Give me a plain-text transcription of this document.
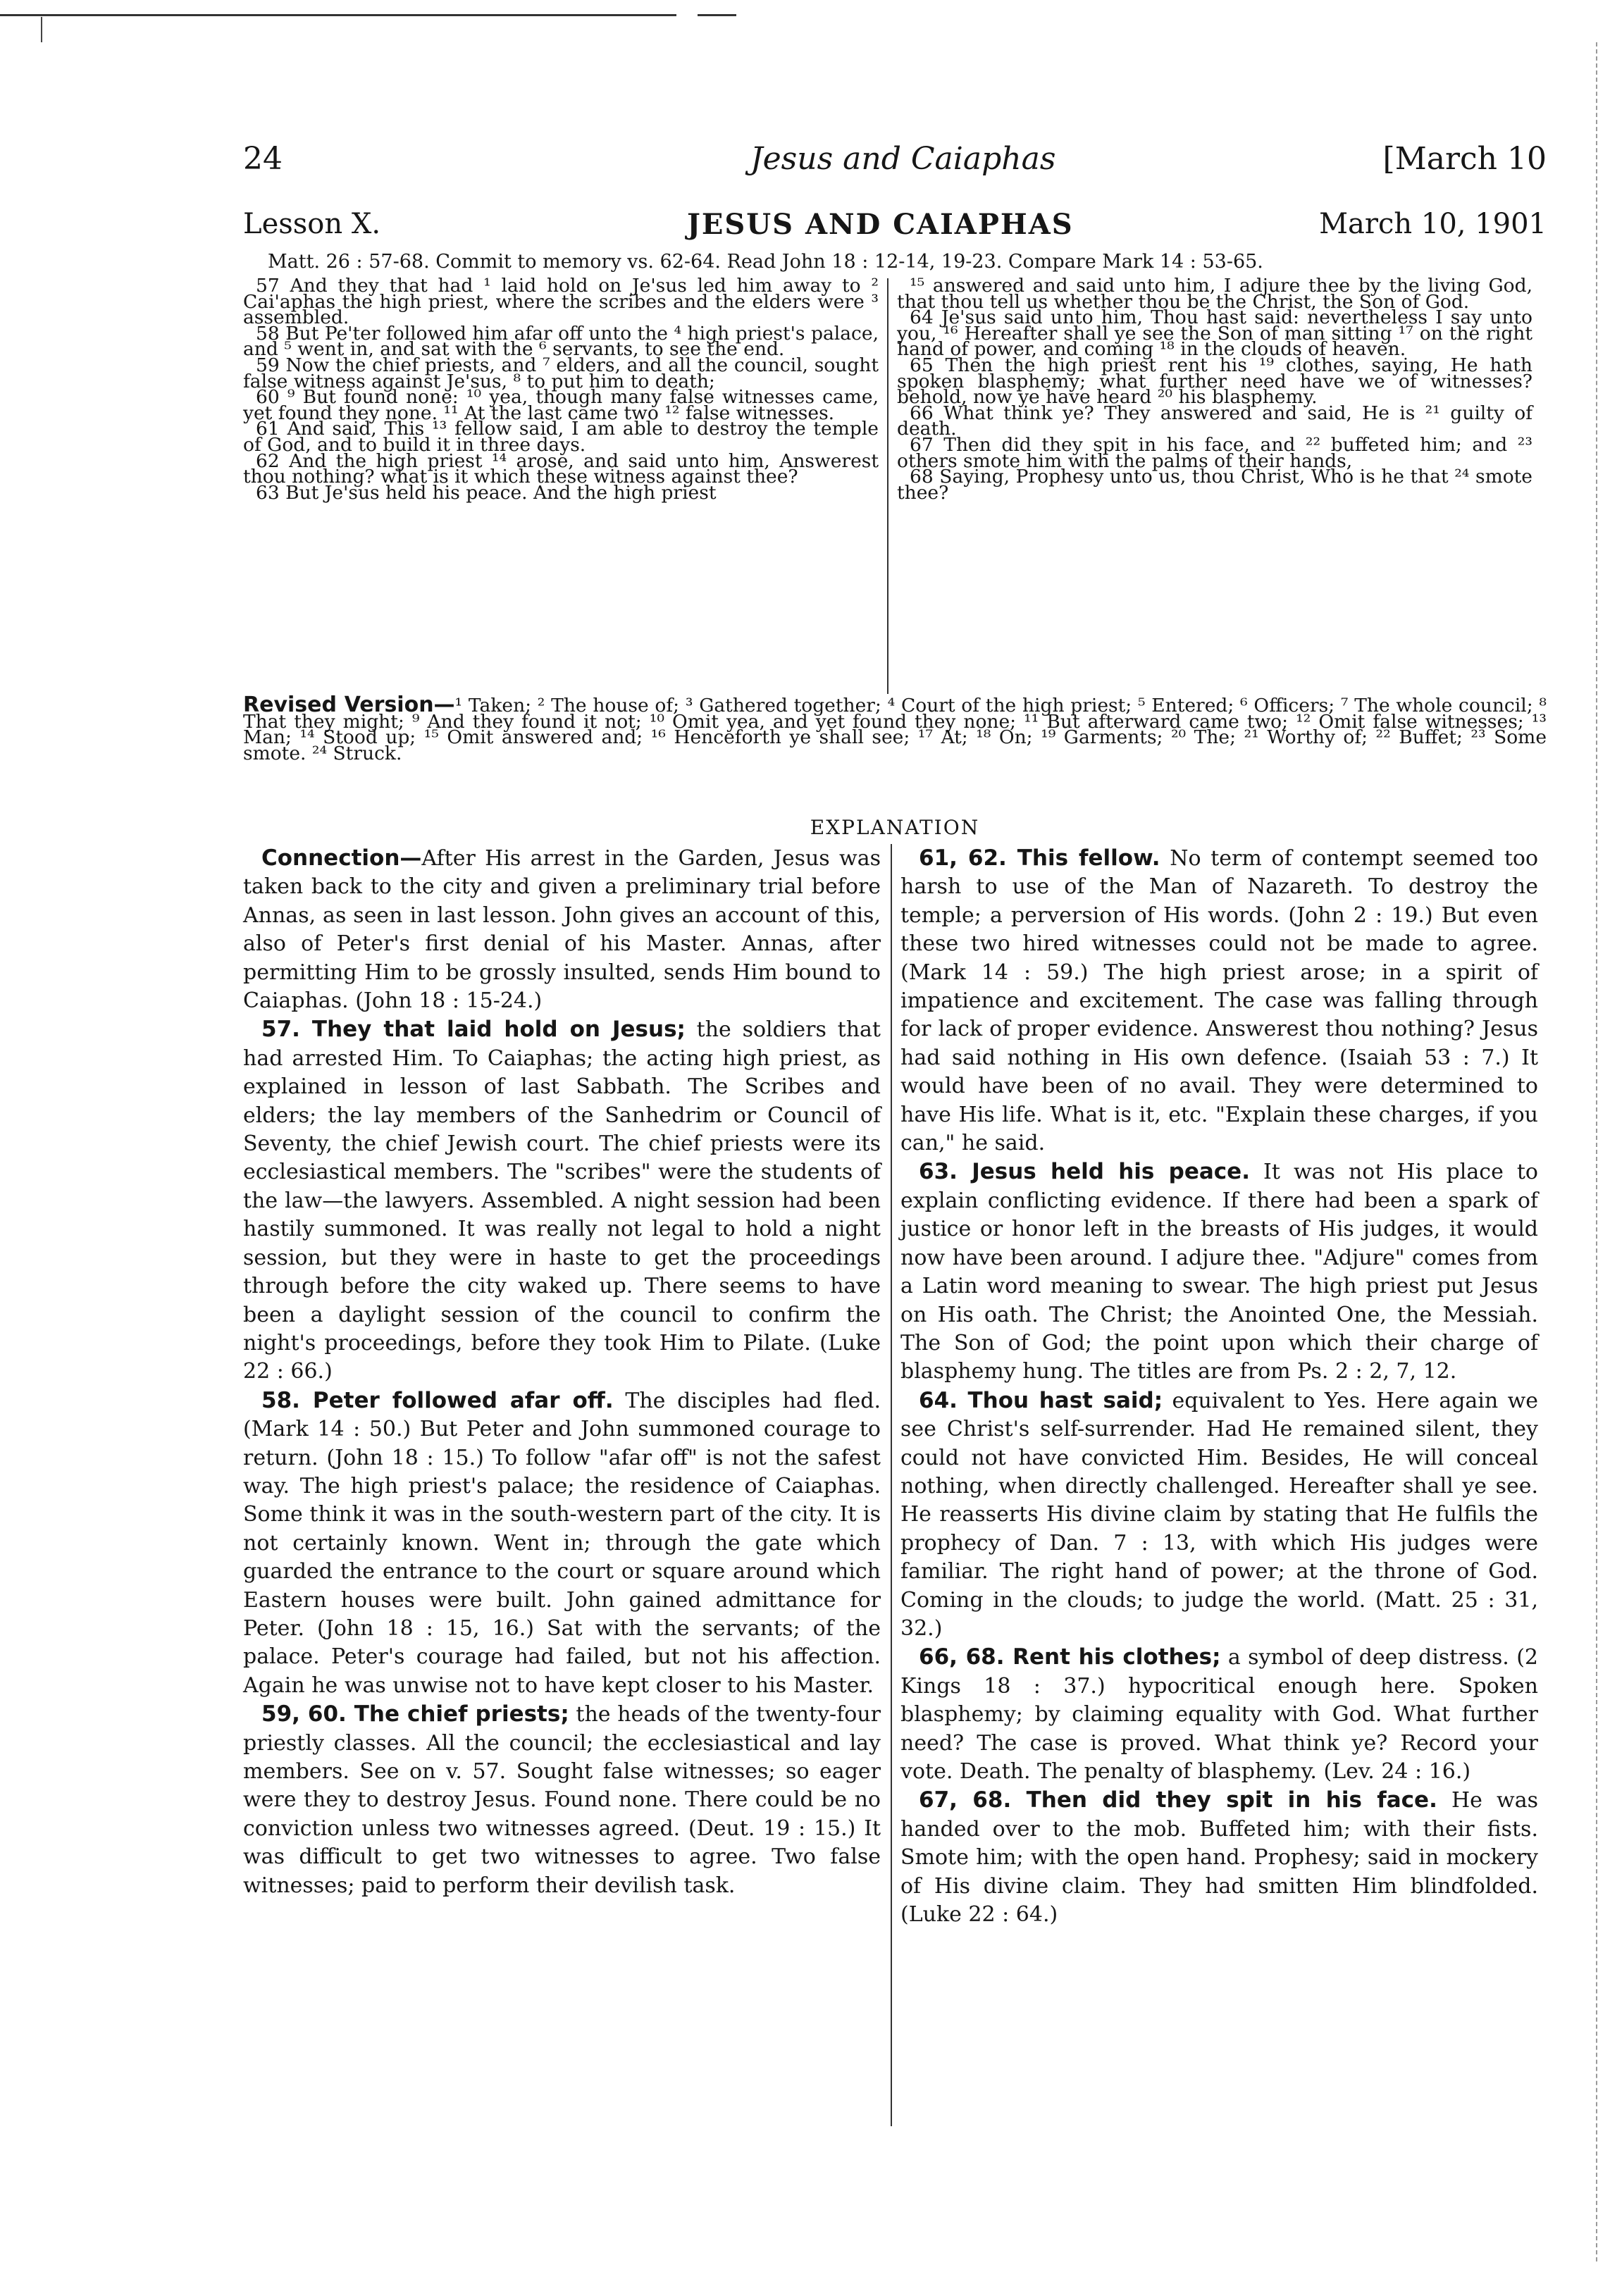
24	Jesus and Caiaphas	[March 10
Lesson X.	JESUS AND CAIAPHAS	March 10, 1901
Matt. 26 : 57-68. Commit to memory vs. 62-64. Read John 18 : 12-14, 19-23. Compare Mark 14 : 53-65.

57 And they that had ¹ laid hold on Je'sus led him away to ² Cai'aphas the high priest, where the scribes and the elders were ³ assembled.

58 But Pe'ter followed him afar off unto the ⁴ high priest's palace, and ⁵ went in, and sat with the ⁶ servants, to see the end.

59 Now the chief priests, and ⁷ elders, and all the council, sought false witness against Je'sus, ⁸ to put him to death;

60 ⁹ But found none: ¹⁰ yea, though many false witnesses came, yet found they none. ¹¹ At the last came two ¹² false witnesses.

61 And said, This ¹³ fellow said, I am able to destroy the temple of God, and to build it in three days.

62 And the high priest ¹⁴ arose, and said unto him, Answerest thou nothing? what is it which these witness against thee?

63 But Je'sus held his peace. And the high priest

¹⁵ answered and said unto him, I adjure thee by the living God, that thou tell us whether thou be the Christ, the Son of God.

64 Je'sus said unto him, Thou hast said: nevertheless I say unto you, ¹⁶ Hereafter shall ye see the Son of man sitting ¹⁷ on the right hand of power, and coming ¹⁸ in the clouds of heaven.

65 Then the high priest rent his ¹⁹ clothes, saying, He hath spoken blasphemy; what further need have we of witnesses? behold, now ye have heard ²⁰ his blasphemy.

66 What think ye? They answered and said, He is ²¹ guilty of death.

67 Then did they spit in his face, and ²² buffeted him; and ²³ others smote him with the palms of their hands,

68 Saying, Prophesy unto us, thou Christ, Who is he that ²⁴ smote thee?

Revised Version—¹ Taken; ² The house of; ³ Gathered together; ⁴ Court of the high priest; ⁵ Entered; ⁶ Officers; ⁷ The whole council; ⁸ That they might; ⁹ And they found it not; ¹⁰ Omit yea, and yet found they none; ¹¹ But afterward came two; ¹² Omit false witnesses; ¹³ Man; ¹⁴ Stood up; ¹⁵ Omit answered and; ¹⁶ Henceforth ye shall see; ¹⁷ At; ¹⁸ On; ¹⁹ Garments; ²⁰ The; ²¹ Worthy of; ²² Buffet; ²³ Some smote. ²⁴ Struck.
EXPLANATION

Connection—After His arrest in the Garden, Jesus was taken back to the city and given a preliminary trial before Annas, as seen in last lesson. John gives an account of this, also of Peter's first denial of his Master. Annas, after permitting Him to be grossly insulted, sends Him bound to Caiaphas. (John 18 : 15-24.)

57. They that laid hold on Jesus; the soldiers that had arrested Him. To Caiaphas; the acting high priest, as explained in lesson of last Sabbath. The Scribes and elders; the lay members of the Sanhedrim or Council of Seventy, the chief Jewish court. The chief priests were its ecclesiastical members. The "scribes" were the students of the law—the lawyers. Assembled. A night session had been hastily summoned. It was really not legal to hold a night session, but they were in haste to get the proceedings through before the city waked up. There seems to have been a daylight session of the council to confirm the night's proceedings, before they took Him to Pilate. (Luke 22 : 66.)

58. Peter followed afar off. The disciples had fled. (Mark 14 : 50.) But Peter and John summoned courage to return. (John 18 : 15.) To follow "afar off" is not the safest way. The high priest's palace; the residence of Caiaphas. Some think it was in the south-western part of the city. It is not certainly known. Went in; through the gate which guarded the entrance to the court or square around which Eastern houses were built. John gained admittance for Peter. (John 18 : 15, 16.) Sat with the servants; of the palace. Peter's courage had failed, but not his affection. Again he was unwise not to have kept closer to his Master.

59, 60. The chief priests; the heads of the twenty-four priestly classes. All the council; the ecclesiastical and lay members. See on v. 57. Sought false witnesses; so eager were they to destroy Jesus. Found none. There could be no conviction unless two witnesses agreed. (Deut. 19 : 15.) It was difficult to get two witnesses to agree. Two false witnesses; paid to perform their devilish task.

61, 62. This fellow. No term of contempt seemed too harsh to use of the Man of Nazareth. To destroy the temple; a perversion of His words. (John 2 : 19.) But even these two hired witnesses could not be made to agree. (Mark 14 : 59.) The high priest arose; in a spirit of impatience and excitement. The case was falling through for lack of proper evidence. Answerest thou nothing? Jesus had said nothing in His own defence. (Isaiah 53 : 7.) It would have been of no avail. They were determined to have His life. What is it, etc. "Explain these charges, if you can," he said.

63. Jesus held his peace. It was not His place to explain conflicting evidence. If there had been a spark of justice or honor left in the breasts of His judges, it would now have been around. I adjure thee. "Adjure" comes from a Latin word meaning to swear. The high priest put Jesus on His oath. The Christ; the Anointed One, the Messiah. The Son of God; the point upon which their charge of blasphemy hung. The titles are from Ps. 2 : 2, 7, 12.

64. Thou hast said; equivalent to Yes. Here again we see Christ's self-surrender. Had He remained silent, they could not have convicted Him. Besides, He will conceal nothing, when directly challenged. Hereafter shall ye see. He reasserts His divine claim by stating that He fulfils the prophecy of Dan. 7 : 13, with which His judges were familiar. The right hand of power; at the throne of God. Coming in the clouds; to judge the world. (Matt. 25 : 31, 32.)

66, 68. Rent his clothes; a symbol of deep distress. (2 Kings 18 : 37.) hypocritical enough here. Spoken blasphemy; by claiming equality with God. What further need? The case is proved. What think ye? Record your vote. Death. The penalty of blasphemy. (Lev. 24 : 16.)

67, 68. Then did they spit in his face. He was handed over to the mob. Buffeted him; with their fists. Smote him; with the open hand. Prophesy; said in mockery of His divine claim. They had smitten Him blindfolded. (Luke 22 : 64.)
